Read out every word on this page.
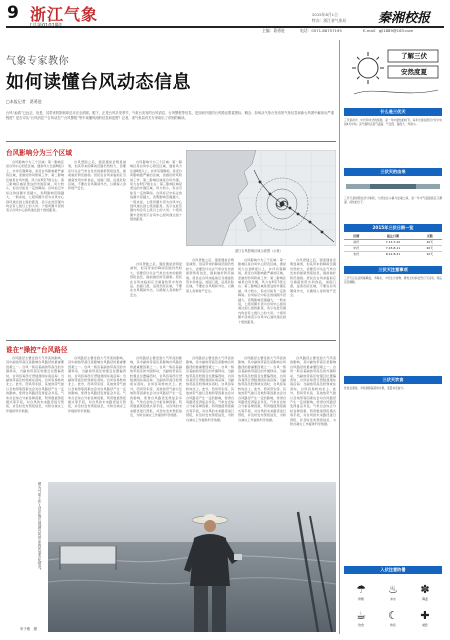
9 浙江气象	2015年8月1日
特办：浙江省气象局 秦湘校报
主编：葛勇进	电话：0571-86757195	E-mail：gjl1889@163.com
气象专家教你
如何读懂台风动态信息
□本报记者　葛勇进
台风“灿鸿”已远去，但是，其带来的影响却还未完全消除。眼下，正是台风多发季节，气象台发布的台风消息、台风警报等信息，是如何开展的台风路径要素图标、概念、如何从气象台发布的气象信息和新台风图中解读出严重程度？是否可从“台风消息”“台风动态”“台风警报”等中读懂风雨的信息和范围？记者，请气象局有关专家给出了详细的解读。
台风影响分为三个区域
台风影响分为三个区域：第一影响区是台风中心附近区域，通常风力达到8级以上，并伴有强降雨，是受台风影响最严重的区域，需做好防风防雨工作；第二影响区域是台风外围，风力在6至7级左右；第三影响区域是更远的外围区域，风力较小，但也可能有一定的降雨。台风标记中标注的线圈半径越大，表明影响范围越大，一般来说，七级风圈半径为台风中心到风速达到七级的距离，表示在此范围内均会有七级以上的大风；十级风圈半径则表示台风中心到风速达到十级的距离。
台风登陆之后，强度通常会明显减弱，但其带来的降雨范围仍然较大，需要密切关注气象台发布的最新预报信息，提前做好防范措施。居民在台风来临前应当储备饮用水和食品，加固门窗，远离危险区域，不要在台风期间外出，以确保人身和财产安全。
台风影响分为三个区域：第一影响区是台风中心附近区域，通常风力达到8级以上，并伴有强降雨，是受台风影响最严重的区域，需做好防风防雨工作；第二影响区域是台风外围，风力在6至7级左右；第三影响区域是更远的外围区域，风力较小，但也可能有一定的降雨。台风标记中标注的线圈半径越大，表明影响范围越大，一般来说，七级风圈半径为台风中心到风速达到七级的距离，表示在此范围内均会有七级以上的大风；十级风圈半径则表示台风中心到风速达到十级的距离。
台风登陆之后，强度通常会明显减弱，但其带来的降雨范围仍然较大，需要密切关注气象台发布的最新预报信息，提前做好防范措施。居民在台风来临前应当储备饮用水和食品，加固门窗，远离危险区域，不要在台风期间外出，以确保人身和财产安全。
浙江台风影响区域示意图（示意）
台风登陆之后，强度通常会明显减弱，但其带来的降雨范围仍然较大，需要密切关注气象台发布的最新预报信息，提前做好防范措施。居民在台风来临前应当储备饮用水和食品，加固门窗，远离危险区域，不要在台风期间外出，以确保人身和财产安全。
台风影响分为三个区域：第一影响区是台风中心附近区域，通常风力达到8级以上，并伴有强降雨，是受台风影响最严重的区域，需做好防风防雨工作；第二影响区域是台风外围，风力在6至7级左右；第三影响区域是更远的外围区域，风力较小，但也可能有一定的降雨。台风标记中标注的线圈半径越大，表明影响范围越大，一般来说，七级风圈半径为台风中心到风速达到七级的距离，表示在此范围内均会有七级以上的大风；十级风圈半径则表示台风中心到风速达到十级的距离。
台风登陆之后，强度通常会明显减弱，但其带来的降雨范围仍然较大，需要密切关注气象台发布的最新预报信息，提前做好防范措施。居民在台风来临前应当储备饮用水和食品，加固门窗，远离危险区域，不要在台风期间外出，以确保人身和财产安全。
谁在“操控”台风路径
台风路径主要受到大气环流的影响，其中副热带高压是影响台风路径的最重要因素之一。台风一般沿着副热带高压的外围移动，当副热带高压较强且位置偏西时，台风容易西行登陆我国东南沿海；当副热带高压较弱或东退时，台风容易转向北上。此外，西风带系统、其他热带气旋以及地形等因素也会对台风路径产生一定的影响，使得台风路径变得复杂多变。气象台会综合分析各种因素，利用数值预报模式等手段，对台风的未来路径进行预报，并及时发布预报信息，为防台减灾工作提供科学依据。
台风路径主要受到大气环流的影响，其中副热带高压是影响台风路径的最重要因素之一。台风一般沿着副热带高压的外围移动，当副热带高压较强且位置偏西时，台风容易西行登陆我国东南沿海；当副热带高压较弱或东退时，台风容易转向北上。此外，西风带系统、其他热带气旋以及地形等因素也会对台风路径产生一定的影响，使得台风路径变得复杂多变。气象台会综合分析各种因素，利用数值预报模式等手段，对台风的未来路径进行预报，并及时发布预报信息，为防台减灾工作提供科学依据。
台风路径主要受到大气环流的影响，其中副热带高压是影响台风路径的最重要因素之一。台风一般沿着副热带高压的外围移动，当副热带高压较强且位置偏西时，台风容易西行登陆我国东南沿海；当副热带高压较弱或东退时，台风容易转向北上。此外，西风带系统、其他热带气旋以及地形等因素也会对台风路径产生一定的影响，使得台风路径变得复杂多变。气象台会综合分析各种因素，利用数值预报模式等手段，对台风的未来路径进行预报，并及时发布预报信息，为防台减灾工作提供科学依据。
台风路径主要受到大气环流的影响，其中副热带高压是影响台风路径的最重要因素之一。台风一般沿着副热带高压的外围移动，当副热带高压较强且位置偏西时，台风容易西行登陆我国东南沿海；当副热带高压较弱或东退时，台风容易转向北上。此外，西风带系统、其他热带气旋以及地形等因素也会对台风路径产生一定的影响，使得台风路径变得复杂多变。气象台会综合分析各种因素，利用数值预报模式等手段，对台风的未来路径进行预报，并及时发布预报信息，为防台减灾工作提供科学依据。
台风路径主要受到大气环流的影响，其中副热带高压是影响台风路径的最重要因素之一。台风一般沿着副热带高压的外围移动，当副热带高压较强且位置偏西时，台风容易西行登陆我国东南沿海；当副热带高压较弱或东退时，台风容易转向北上。此外，西风带系统、其他热带气旋以及地形等因素也会对台风路径产生一定的影响，使得台风路径变得复杂多变。气象台会综合分析各种因素，利用数值预报模式等手段，对台风的未来路径进行预报，并及时发布预报信息，为防台减灾工作提供科学依据。
台风路径主要受到大气环流的影响，其中副热带高压是影响台风路径的最重要因素之一。台风一般沿着副热带高压的外围移动，当副热带高压较强且位置偏西时，台风容易西行登陆我国东南沿海；当副热带高压较弱或东退时，台风容易转向北上。此外，西风带系统、其他热带气旋以及地形等因素也会对台风路径产生一定的影响，使得台风路径变得复杂多变。气象台会综合分析各种因素，利用数值预报模式等手段，对台风的未来路径进行预报，并及时发布预报信息，为防台减灾工作提供科学依据。
图为气象工作人员在海边观测台风带来的风浪变化情况。
申子敏　摄
了解三伏
安然度夏
什么是三伏天
三伏是初伏、中伏和末伏的统称，是一年中最热的时节。每年出现在阳历7月中旬到8月中旬。其气候特点是气温高、气压低、湿度大、风速小。
三伏天的由来
三伏天是按照农历计算的，大约处在小暑与处暑之间，是一年中气温最高且又潮湿、闷热的日子。
2015年三伏日期一览
伏期	起止日期	天数
初伏	7.13-7.22	10天
中伏	7.23-8.11	20天
末伏	8.12-8.21	10天
三伏天注意事项
三伏天应注意防暑降温，多喝水，少吃生冷食物，避免长时间在烈日下活动，保证充足睡眠。
三伏天饮食
饮食宜清淡，多吃新鲜蔬菜和水果，适量补充盐分。
入伏注意防暑
☂
防晒
♨
补水
✽
降温
☕
饮食
☾
休息
✚
就医
